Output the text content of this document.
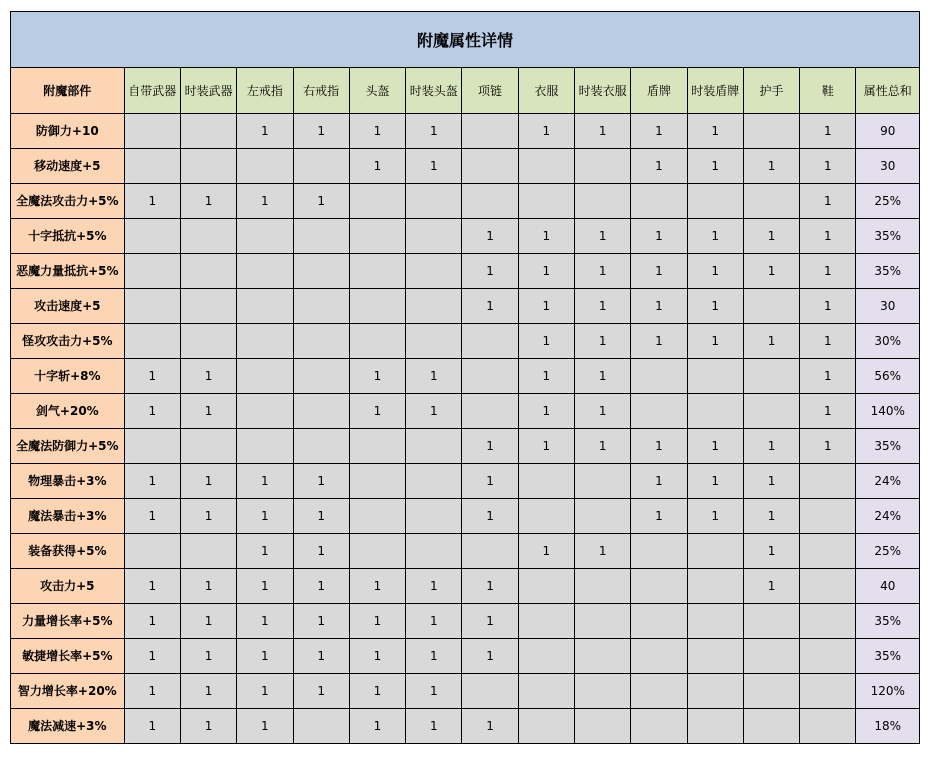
附魔属性详情
附魔部件	自带武器	时装武器	左戒指	右戒指	头盔	时装头盔	项链	衣服	时装衣服	盾牌	时装盾牌	护手	鞋	属性总和
防御力+10			1	1	1	1		1	1	1	1		1	90
移动速度+5					1	1				1	1	1	1	30
全魔法攻击力+5%	1	1	1	1									1	25%
十字抵抗+5%							1	1	1	1	1	1	1	35%
恶魔力量抵抗+5%							1	1	1	1	1	1	1	35%
攻击速度+5							1	1	1	1	1		1	30
怪攻攻击力+5%								1	1	1	1	1	1	30%
十字斩+8%	1	1			1	1		1	1				1	56%
剑气+20%	1	1			1	1		1	1				1	140%
全魔法防御力+5%							1	1	1	1	1	1	1	35%
物理暴击+3%	1	1	1	1			1			1	1	1		24%
魔法暴击+3%	1	1	1	1			1			1	1	1		24%
装备获得+5%			1	1				1	1			1		25%
攻击力+5	1	1	1	1	1	1	1					1		40
力量增长率+5%	1	1	1	1	1	1	1							35%
敏捷增长率+5%	1	1	1	1	1	1	1							35%
智力增长率+20%	1	1	1	1	1	1								120%
魔法减速+3%	1	1	1		1	1	1							18%
